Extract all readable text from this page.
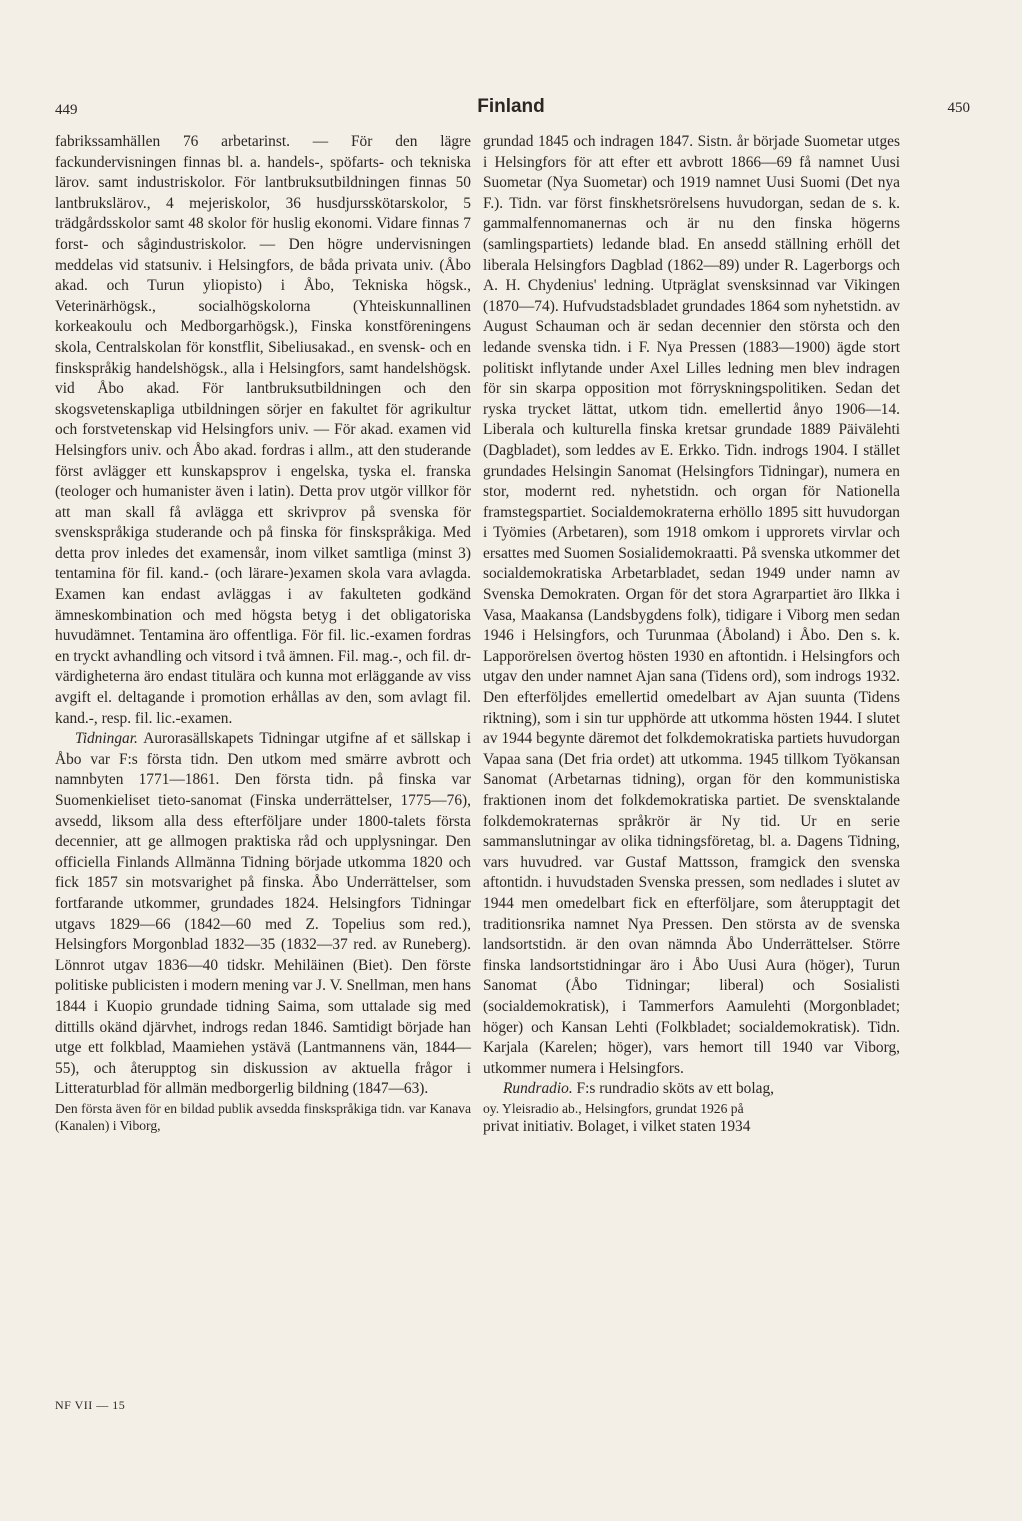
449	Finland	450

fabrikssamhällen 76 arbetarinst. — För den lägre fackundervisningen finnas bl. a. handels-, spöfarts- och tekniska lärov. samt industriskolor. För lantbruksutbildningen finnas 50 lantbrukslärov., 4 mejeriskolor, 36 husdjursskötarskolor, 5 trädgårdsskolor samt 48 skolor för huslig ekonomi. Vidare finnas 7 forst- och sågindustriskolor. — Den högre undervisningen meddelas vid statsuniv. i Helsingfors, de båda privata univ. (Åbo akad. och Turun yliopisto) i Åbo, Tekniska högsk., Veterinärhögsk., socialhögskolorna (Yhteiskunnallinen korkeakoulu och Medborgarhögsk.), Finska konstföreningens skola, Centralskolan för konstflit, Sibeliusakad., en svensk- och en finskspråkig handelshögsk., alla i Helsingfors, samt handelshögsk. vid Åbo akad. För lantbruksutbildningen och den skogsvetenskapliga utbildningen sörjer en fakultet för agrikultur och forstvetenskap vid Helsingfors univ. — För akad. examen vid Helsingfors univ. och Åbo akad. fordras i allm., att den studerande först avlägger ett kunskapsprov i engelska, tyska el. franska (teologer och humanister även i latin). Detta prov utgör villkor för att man skall få avlägga ett skrivprov på svenska för svenskspråkiga studerande och på finska för finskspråkiga. Med detta prov inledes det examensår, inom vilket samtliga (minst 3) tentamina för fil. kand.- (och lärare-)examen skola vara avlagda. Examen kan endast avläggas i av fakulteten godkänd ämneskombination och med högsta betyg i det obligatoriska huvudämnet. Tentamina äro offentliga. För fil. lic.-examen fordras en tryckt avhandling och vitsord i två ämnen. Fil. mag.-, och fil. dr-värdigheterna äro endast titulära och kunna mot erläggande av viss avgift el. deltagande i promotion erhållas av den, som avlagt fil. kand.-, resp. fil. lic.-examen.

Tidningar. Aurorasällskapets Tidningar utgifne af et sällskap i Åbo var F:s första tidn. Den utkom med smärre avbrott och namnbyten 1771—1861. Den första tidn. på finska var Suomenkieliset tieto-sanomat (Finska underrättelser, 1775—76), avsedd, liksom alla dess efterföljare under 1800-talets första decennier, att ge allmogen praktiska råd och upplysningar. Den officiella Finlands Allmänna Tidning började utkomma 1820 och fick 1857 sin motsvarighet på finska. Åbo Underrättelser, som fortfarande utkommer, grundades 1824. Helsingfors Tidningar utgavs 1829—66 (1842—60 med Z. Topelius som red.), Helsingfors Morgonblad 1832—35 (1832—37 red. av Runeberg). Lönnrot utgav 1836—40 tidskr. Mehiläinen (Biet). Den förste politiske publicisten i modern mening var J. V. Snellman, men hans 1844 i Kuopio grundade tidning Saima, som uttalade sig med dittills okänd djärvhet, indrogs redan 1846. Samtidigt började han utge ett folkblad, Maamiehen ystävä (Lantmannens vän, 1844—55), och återupptog sin diskussion av aktuella frågor i Litteraturblad för allmän medborgerlig bildning (1847—63).

Den första även för en bildad publik avsedda finskspråkiga tidn. var Kanava (Kanalen) i Viborg,

grundad 1845 och indragen 1847. Sistn. år började Suometar utges i Helsingfors för att efter ett avbrott 1866—69 få namnet Uusi Suometar (Nya Suometar) och 1919 namnet Uusi Suomi (Det nya F.). Tidn. var först finskhetsrörelsens huvudorgan, sedan de s. k. gammalfennomanernas och är nu den finska högerns (samlingspartiets) ledande blad. En ansedd ställning erhöll det liberala Helsingfors Dagblad (1862—89) under R. Lagerborgs och A. H. Chydenius' ledning. Utpräglat svensksinnad var Vikingen (1870—74). Hufvudstadsbladet grundades 1864 som nyhetstidn. av August Schauman och är sedan decennier den största och den ledande svenska tidn. i F. Nya Pressen (1883—1900) ägde stort politiskt inflytande under Axel Lilles ledning men blev indragen för sin skarpa opposition mot förryskningspolitiken. Sedan det ryska trycket lättat, utkom tidn. emellertid ånyo 1906—14. Liberala och kulturella finska kretsar grundade 1889 Päivälehti (Dagbladet), som leddes av E. Erkko. Tidn. indrogs 1904. I stället grundades Helsingin Sanomat (Helsingfors Tidningar), numera en stor, modernt red. nyhetstidn. och organ för Nationella framstegspartiet. Socialdemokraterna erhöllo 1895 sitt huvudorgan i Työmies (Arbetaren), som 1918 omkom i upprorets virvlar och ersattes med Suomen Sosialidemokraatti. På svenska utkommer det socialdemokratiska Arbetarbladet, sedan 1949 under namn av Svenska Demokraten. Organ för det stora Agrarpartiet äro Ilkka i Vasa, Maakansa (Landsbygdens folk), tidigare i Viborg men sedan 1946 i Helsingfors, och Turunmaa (Åboland) i Åbo. Den s. k. Lapporörelsen övertog hösten 1930 en aftontidn. i Helsingfors och utgav den under namnet Ajan sana (Tidens ord), som indrogs 1932. Den efterföljdes emellertid omedelbart av Ajan suunta (Tidens riktning), som i sin tur upphörde att utkomma hösten 1944. I slutet av 1944 begynte däremot det folkdemokratiska partiets huvudorgan Vapaa sana (Det fria ordet) att utkomma. 1945 tillkom Työkansan Sanomat (Arbetarnas tidning), organ för den kommunistiska fraktionen inom det folkdemokratiska partiet. De svensktalande folkdemokraternas språkrör är Ny tid. Ur en serie sammanslutningar av olika tidningsföretag, bl. a. Dagens Tidning, vars huvudred. var Gustaf Mattsson, framgick den svenska aftontidn. i huvudstaden Svenska pressen, som nedlades i slutet av 1944 men omedelbart fick en efterföljare, som återupptagit det traditionsrika namnet Nya Pressen. Den största av de svenska landsortstidn. är den ovan nämnda Åbo Underrättelser. Större finska landsortstidningar äro i Åbo Uusi Aura (höger), Turun Sanomat (Åbo Tidningar; liberal) och Sosialisti (socialdemokratisk), i Tammerfors Aamulehti (Morgonbladet; höger) och Kansan Lehti (Folkbladet; socialdemokratisk). Tidn. Karjala (Karelen; höger), vars hemort till 1940 var Viborg, utkommer numera i Helsingfors.

Rundradio. F:s rundradio sköts av ett bolag,

oy. Yleisradio ab., Helsingfors, grundat 1926 på

privat initiativ. Bolaget, i vilket staten 1934

NF VII — 15
